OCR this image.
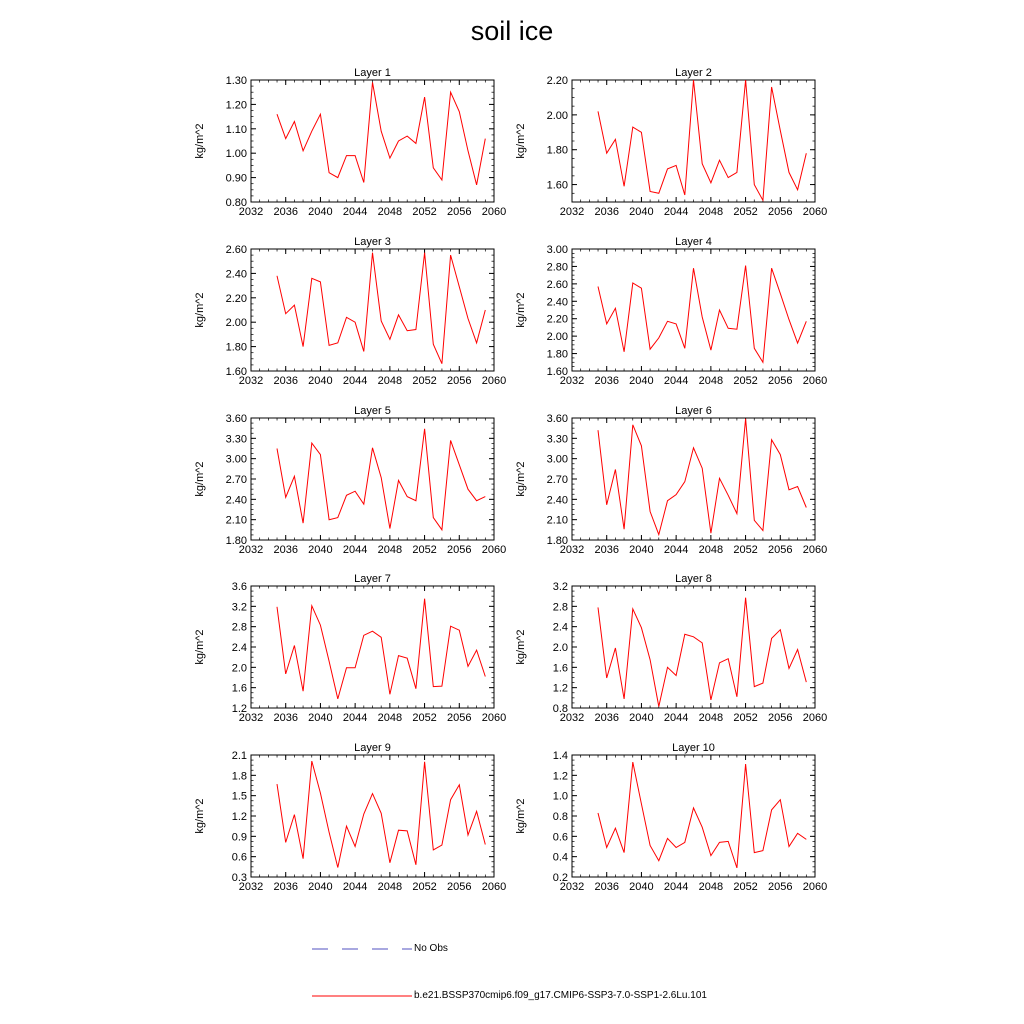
soil ice
Layer 1
kg/m^2
2032 2036 2040 2044 2048 2052 2056 2060
0.80
0.90
1.00
1.10
1.20
1.30
Layer 2
kg/m^2
2032 2036 2040 2044 2048 2052 2056 2060
1.60
1.80
2.00
2.20
Layer 3
kg/m^2
2032 2036 2040 2044 2048 2052 2056 2060
1.60
1.80
2.00
2.20
2.40
2.60
Layer 4
kg/m^2
2032 2036 2040 2044 2048 2052 2056 2060
1.60
1.80
2.00
2.20
2.40
2.60
2.80
3.00
Layer 5
kg/m^2
2032 2036 2040 2044 2048 2052 2056 2060
1.80
2.10
2.40
2.70
3.00
3.30
3.60
Layer 6
kg/m^2
2032 2036 2040 2044 2048 2052 2056 2060
1.80
2.10
2.40
2.70
3.00
3.30
3.60
Layer 7
kg/m^2
2032 2036 2040 2044 2048 2052 2056 2060
1.2
1.6
2.0
2.4
2.8
3.2
3.6
Layer 8
kg/m^2
2032 2036 2040 2044 2048 2052 2056 2060
0.8
1.2
1.6
2.0
2.4
2.8
3.2
Layer 9
kg/m^2
2032 2036 2040 2044 2048 2052 2056 2060
0.3
0.6
0.9
1.2
1.5
1.8
2.1
Layer 10
kg/m^2
2032 2036 2040 2044 2048 2052 2056 2060
0.2
0.4
0.6
0.8
1.0
1.2
1.4
No Obs
b.e21.BSSP370cmip6.f09_g17.CMIP6-SSP3-7.0-SSP1-2.6Lu.101
